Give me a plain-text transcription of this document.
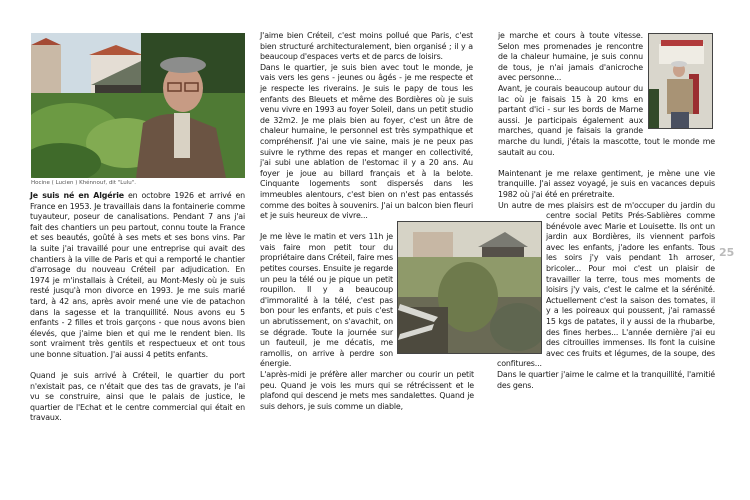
Hocine ( Lucien ) Khénnouf, dit "Lulu".

J'aime bien Créteil, c'est moins pollué que Paris, c'est bien structuré architecturalement, bien organisé ; il y a beaucoup d'espaces verts et de parcs de loisirs.

Dans le quartier, je suis bien avec tout le monde, je vais vers les gens - jeunes ou âgés - je me respecte et je respecte les riverains. Je suis le papy de tous les enfants des Bleuets et même des Bordières où je suis venu vivre en 1993 au foyer Soleil, dans un petit studio de 32m2. Je me plais bien au foyer, c'est un âtre de chaleur humaine, le personnel est très sympathique et compréhensif. J'ai une vie saine, mais je ne peux pas suivre le rythme des repas et manger en collectivité, j'ai subi une ablation de l'estomac il y a 20 ans. Au foyer je joue au billard français et à la belote. Cinquante logements sont dispersés dans les immeubles alentours, c'est bien on n'est pas entassés comme des boites à souvenirs. J'ai un balcon bien fleuri et je suis heureux de vivre...

Je me lève le matin et vers 11h je vais faire mon petit tour du propriétaire dans Créteil, faire mes petites courses. Ensuite je regarde un peu la télé ou je pique un petit roupillon. Il y a beaucoup d'immoralité à la télé, c'est pas bon pour les enfants, et puis c'est un abrutissement, on s'avachit, on se dégrade. Toute la journée sur un fauteuil, je me décatis, me ramollis, on arrive à perdre son énergie.

L'après-midi je préfère aller marcher ou courir un petit peu. Quand je vois les murs qui se rétrécissent et le plafond qui descend je mets mes sandalettes. Quand je suis dehors, je suis comme un diable,

Je suis né en Algérie en octobre 1926 et arrivé en France en 1953. Je travaillais dans la fontainerie comme tuyauteur, poseur de canalisations. Pendant 7 ans j'ai fait des chantiers un peu partout, connu toute la France et ses beautés, goûté à ses mets et ses bons vins. Par la suite j'ai travaillé pour une entreprise qui avait des chantiers à la ville de Paris et qui a remporté le chantier d'arrosage du nouveau Créteil par adjudication. En 1974 je m'installais à Créteil, au Mont-Mesly où je suis resté jusqu'à mon divorce en 1993. Je me suis marié tard, à 42 ans, après avoir mené une vie de patachon dans la sagesse et la tranquillité. Nous avons eu 5 enfants - 2 filles et trois garçons - que nous avons bien élevés, que j'aime bien et qui me le rendent bien. Ils sont vraiment très gentils et respectueux et ont tous une bonne situation. J'ai aussi 4 petits enfants.

Quand je suis arrivé à Créteil, le quartier du port n'existait pas, ce n'était que des tas de gravats, je l'ai vu se construire, ainsi que le palais de justice, le quartier de l'Echat et le centre commercial qui était en travaux.

je marche et cours à toute vitesse. Selon mes promenades je rencontre de la chaleur humaine, je suis connu de tous, je n'ai jamais d'anicroche avec personne...

Avant, je courais beaucoup autour du lac où je faisais 15 à 20 kms en partant d'ici - sur les bords de Marne aussi. Je participais également aux marches, quand je faisais la grande marche du lundi, j'étais la mascotte, tout le monde me sautait au cou.

Maintenant je me relaxe gentiment, je mène une vie tranquille. J'ai assez voyagé, je suis en vacances depuis 1982 où j'ai été en préretraite.

Un autre de mes plaisirs est de m'occuper du jardin du centre social Petits Prés-Sablières comme bénévole avec Marie et Louisette. Ils ont un jardin aux Bordières, ils viennent parfois avec les enfants, j'adore les enfants. Tous les soirs j'y vais pendant 1h arroser, bricoler... Pour moi c'est un plaisir de travailler la terre, tous mes moments de loisirs j'y vais, c'est le calme et la sérénité. Actuellement c'est la saison des tomates, il y a les poireaux qui poussent, j'ai ramassé 15 kgs de patates, il y aussi de la rhubarbe, des fines herbes... L'année dernière j'ai eu des citrouilles immenses. Ils font la cuisine avec ces fruits et légumes, de la soupe, des confitures...

Dans le quartier j'aime le calme et la tranquillité, l'amitié des gens.

25
